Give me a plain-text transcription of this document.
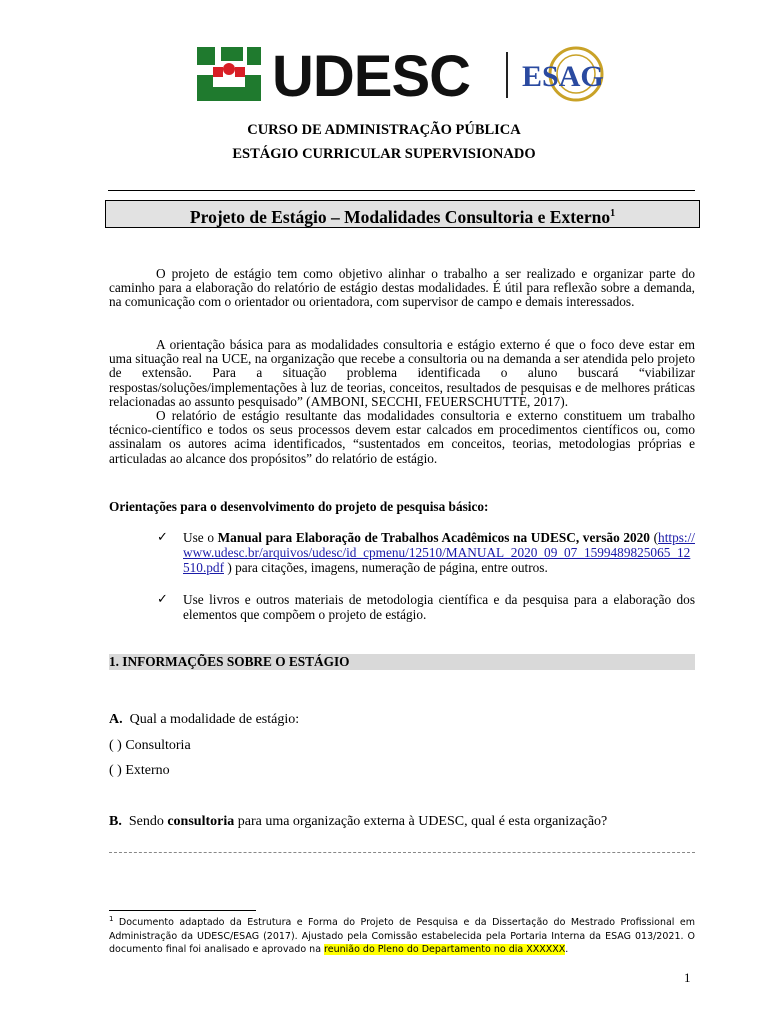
UDESC ESAG
CURSO DE ADMINISTRAÇÃO PÚBLICA
ESTÁGIO CURRICULAR SUPERVISIONADO
Projeto de Estágio – Modalidades Consultoria e Externo$^1$

O projeto de estágio tem como objetivo alinhar o trabalho a ser realizado e organizar parte do caminho para a elaboração do relatório de estágio destas modalidades. É útil para reflexão sobre a demanda, na comunicação com o orientador ou orientadora, com supervisor de campo e demais interessados.

A orientação básica para as modalidades consultoria e estágio externo é que o foco deve estar em uma situação real na UCE, na organização que recebe a consultoria ou na demanda a ser atendida pelo projeto de extensão. Para a situação problema identificada o aluno buscará “viabilizar respostas/soluções/implementações à luz de teorias, conceitos, resultados de pesquisas e de melhores práticas relacionadas ao assunto pesquisado” (AMBONI, SECCHI, FEUERSCHUTTE, 2017).

O relatório de estágio resultante das modalidades consultoria e externo constituem um trabalho técnico-científico e todos os seus processos devem estar calcados em procedimentos científicos ou, como assinalam os autores acima identificados, “sustentados em conceitos, teorias, metodologias próprias e articuladas ao alcance dos propósitos” do relatório de estágio.

Orientações para o desenvolvimento do projeto de pesquisa básico:
✓ Use o Manual para Elaboração de Trabalhos Acadêmicos na UDESC, versão 2020 (https://www.udesc.br/arquivos/udesc/id_cpmenu/12510/MANUAL_2020_09_07_1599489825065_12510.pdf ) para citações, imagens, numeração de página, entre outros.

✓ Use livros e outros materiais de metodologia científica e da pesquisa para a elaboração dos elementos que compõem o projeto de estágio.

1. INFORMAÇÕES SOBRE O ESTÁGIO
A. Qual a modalidade de estágio:
( ) Consultoria
( ) Externo
B. Sendo consultoria para uma organização externa à UDESC, qual é esta organização?

$^1$ Documento adaptado da Estrutura e Forma do Projeto de Pesquisa e da Dissertação do Mestrado Profissional em Administração da UDESC/ESAG (2017). Ajustado pela Comissão estabelecida pela Portaria Interna da ESAG 013/2021. O documento final foi analisado e aprovado na reunião do Pleno do Departamento no dia XXXXXX.

1
